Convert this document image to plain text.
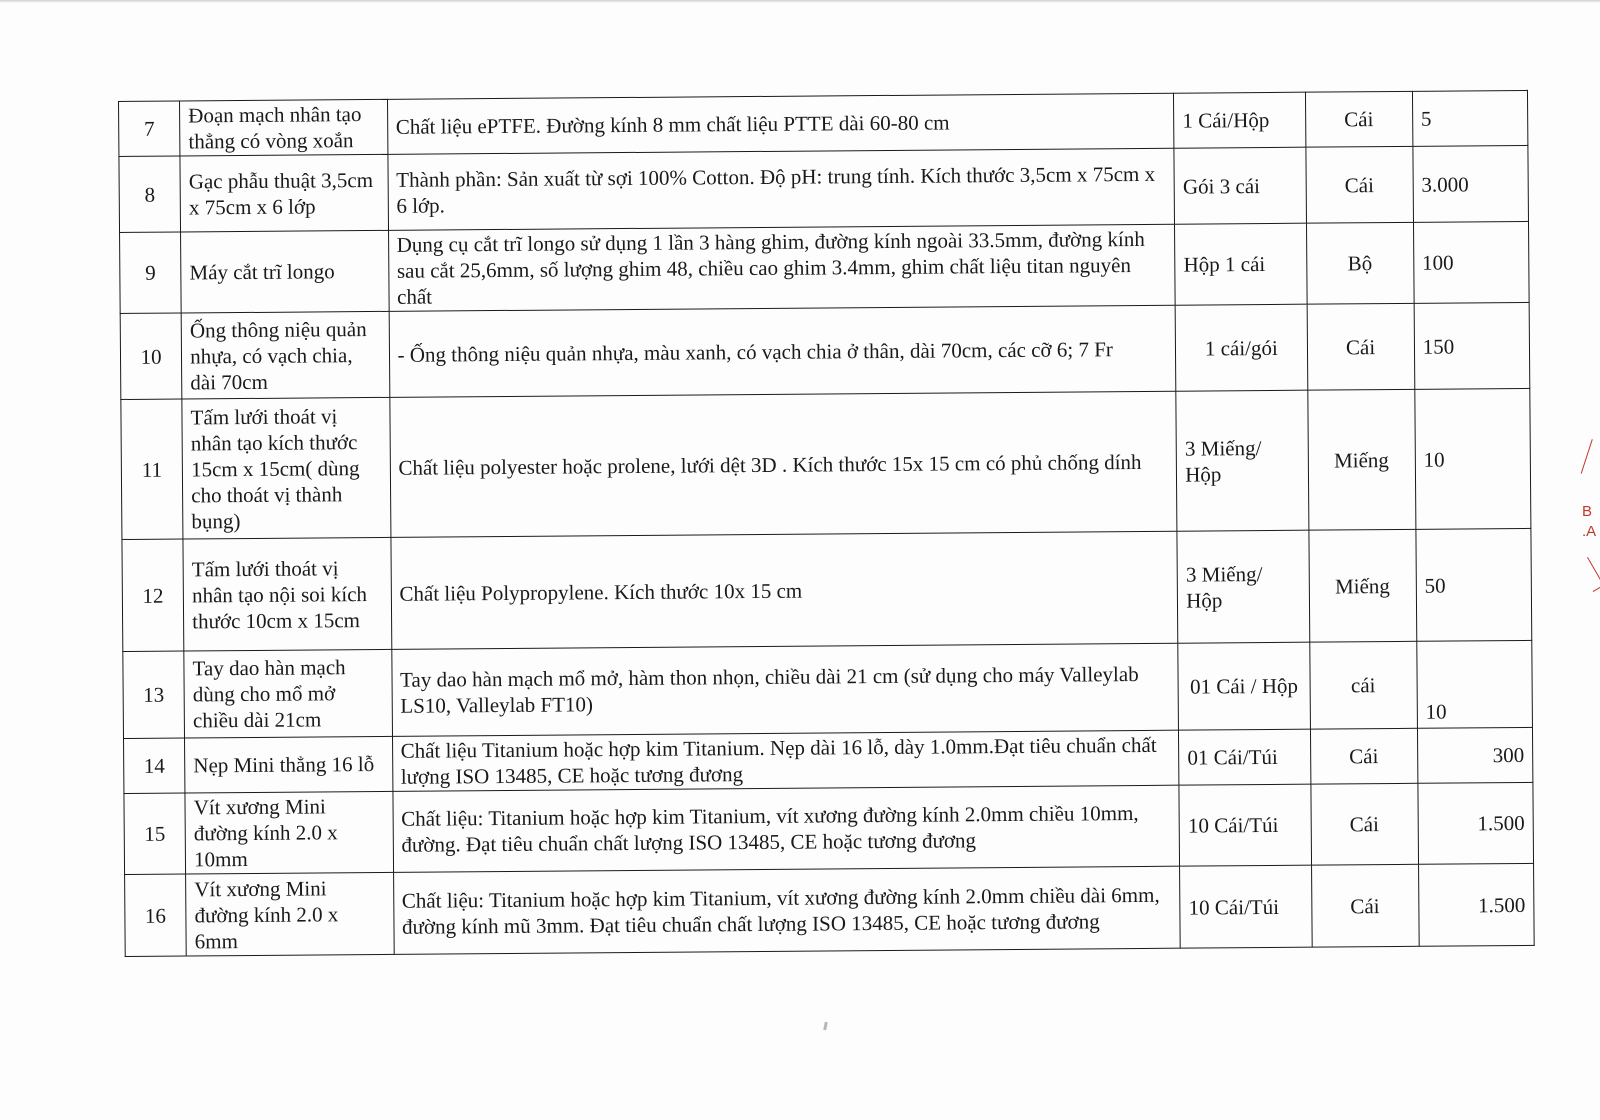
7	Đoạn mạch nhân tạo thẳng có vòng xoắn	Chất liệu ePTFE. Đường kính 8 mm chất liệu PTTE dài 60-80 cm	1 Cái/Hộp	Cái	5
8	Gạc phẫu thuật 3,5cm x 75cm x 6 lớp	Thành phần: Sản xuất từ sợi 100% Cotton. Độ pH: trung tính. Kích thước 3,5cm x 75cm x 6 lớp.	Gói 3 cái	Cái	3.000
9	Máy cắt trĩ longo	Dụng cụ cắt trĩ longo sử dụng 1 lần 3 hàng ghim, đường kính ngoài 33.5mm, đường kính sau cắt 25,6mm, số lượng ghim 48, chiều cao ghim 3.4mm, ghim chất liệu titan nguyên chất	Hộp 1 cái	Bộ	100
10	Ống thông niệu quản nhựa, có vạch chia, dài 70cm	- Ống thông niệu quản nhựa, màu xanh, có vạch chia ở thân, dài 70cm, các cỡ 6; 7 Fr	1 cái/gói	Cái	150
11	Tấm lưới thoát vị nhân tạo kích thước 15cm x 15cm( dùng cho thoát vị thành bụng)	Chất liệu polyester hoặc prolene, lưới dệt 3D . Kích thước 15x 15 cm có phủ chống dính	3 Miếng/ Hộp	Miếng	10
12	Tấm lưới thoát vị nhân tạo nội soi kích thước 10cm x 15cm	Chất liệu Polypropylene. Kích thước 10x 15 cm	3 Miếng/ Hộp	Miếng	50
13	Tay dao hàn mạch dùng cho mổ mở chiều dài 21cm	Tay dao hàn mạch mổ mở, hàm thon nhọn, chiều dài 21 cm (sử dụng cho máy Valleylab LS10, Valleylab FT10)	01 Cái / Hộp	cái	10
14	Nẹp Mini thẳng 16 lỗ	Chất liệu Titanium hoặc hợp kim Titanium. Nẹp dài 16 lỗ, dày 1.0mm.Đạt tiêu chuẩn chất lượng ISO 13485, CE hoặc tương đương	01 Cái/Túi	Cái	300
15	Vít xương Mini đường kính 2.0 x 10mm	Chất liệu: Titanium hoặc hợp kim Titanium, vít xương đường kính 2.0mm chiều 10mm, đường. Đạt tiêu chuẩn chất lượng ISO 13485, CE hoặc tương đương	10 Cái/Túi	Cái	1.500
16	Vít xương Mini đường kính 2.0 x 6mm	Chất liệu: Titanium hoặc hợp kim Titanium, vít xương đường kính 2.0mm chiều dài 6mm, đường kính mũ 3mm. Đạt tiêu chuẩn chất lượng ISO 13485, CE hoặc tương đương	10 Cái/Túi	Cái	1.500
B
.A
